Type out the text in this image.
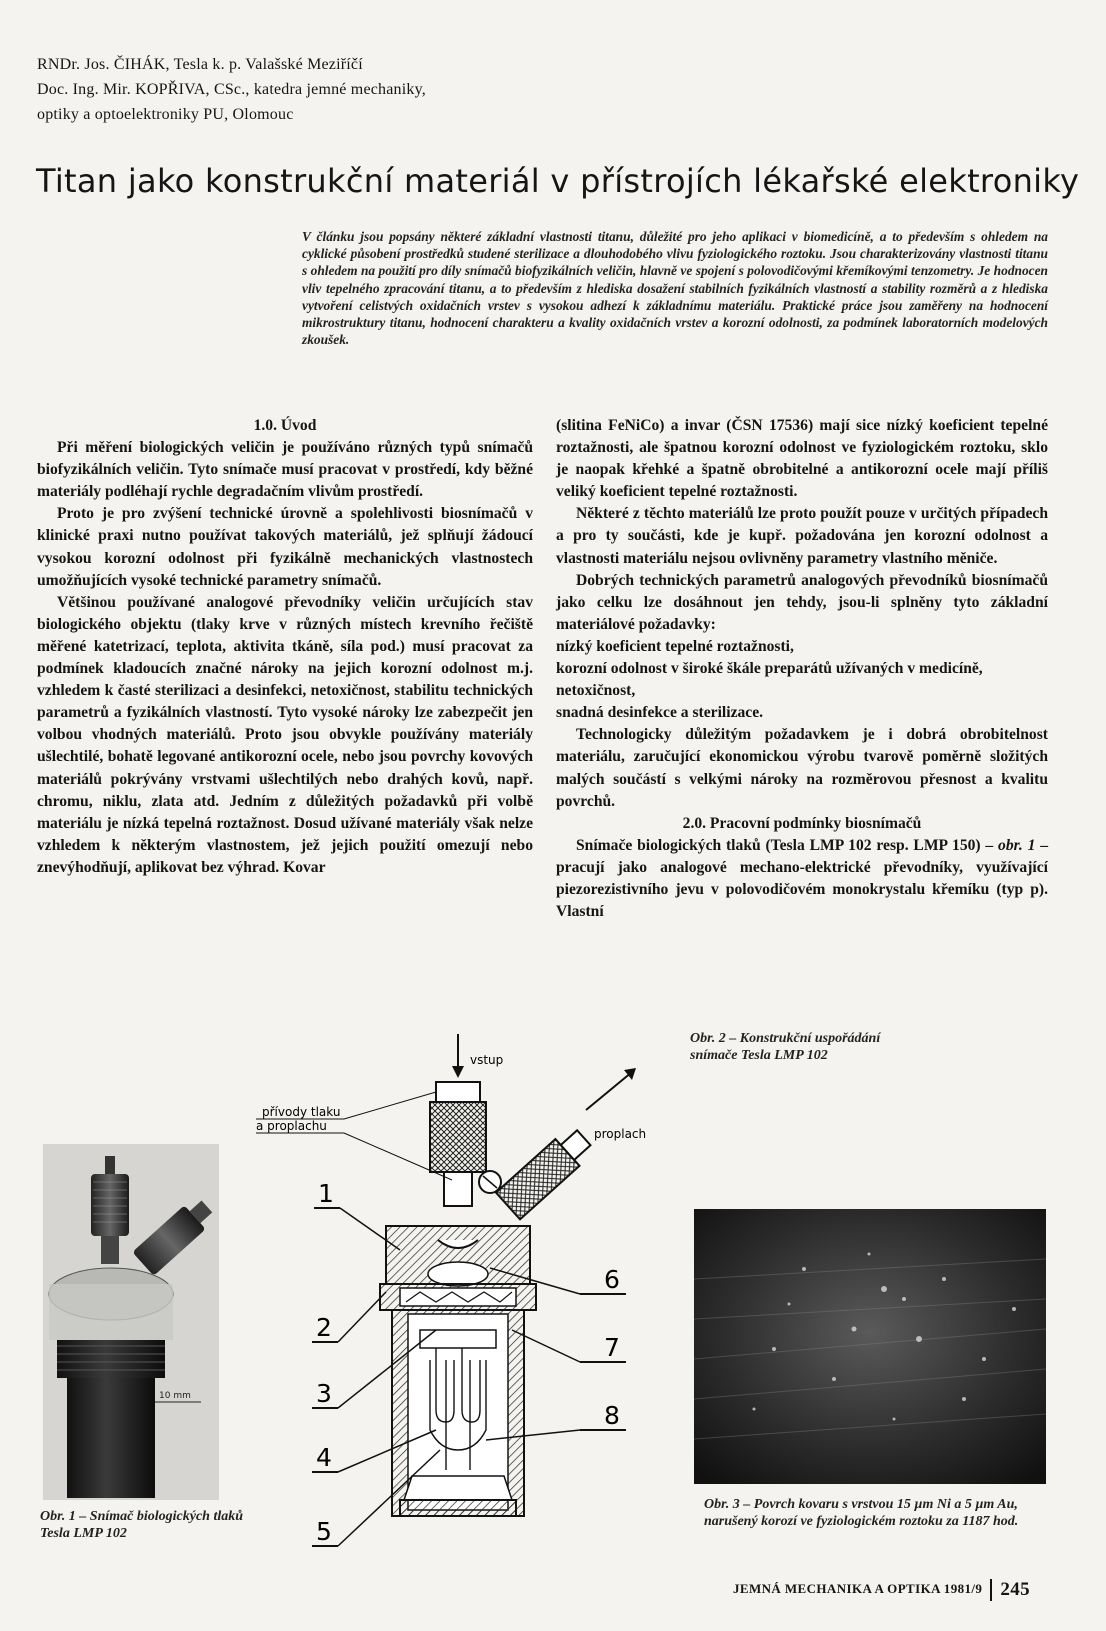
RNDr. Jos. ČIHÁK, Tesla k. p. Valašské Meziříčí
Doc. Ing. Mir. KOPŘIVA, CSc., katedra jemné mechaniky,
optiky a optoelektroniky PU, Olomouc
Titan jako konstrukční materiál v přístrojích lékařské elektroniky
V článku jsou popsány některé základní vlastnosti titanu, důležité pro jeho aplikaci v biomedicíně, a to především s ohledem na cyklické působení prostředků studené sterilizace a dlouhodobého vlivu fyziologického roztoku. Jsou charakterizovány vlastnosti titanu s ohledem na použití pro díly snímačů biofyzikálních veličin, hlavně ve spojení s polovodičovými křemíkovými tenzometry. Je hodnocen vliv tepelného zpracování titanu, a to především z hlediska dosažení stabilních fyzikálních vlastností a stability rozměrů a z hlediska vytvoření celistvých oxidačních vrstev s vysokou adhezí k základnímu materiálu. Praktické práce jsou zaměřeny na hodnocení mikrostruktury titanu, hodnocení charakteru a kvality oxidačních vrstev a korozní odolnosti, za podmínek laboratorních modelových zkoušek.
1.0. Úvod

Při měření biologických veličin je používáno různých typů snímačů biofyzikálních veličin. Tyto snímače musí pracovat v prostředí, kdy běžné materiály podléhají rychle degradačním vlivům prostředí.

Proto je pro zvýšení technické úrovně a spolehlivosti biosnímačů v klinické praxi nutno používat takových materiálů, jež splňují žádoucí vysokou korozní odolnost při fyzikálně mechanických vlastnostech umožňujících vysoké technické parametry snímačů.

Většinou používané analogové převodníky veličin určujících stav biologického objektu (tlaky krve v různých místech krevního řečiště měřené katetrizací, teplota, aktivita tkáně, síla pod.) musí pracovat za podmínek kladoucích značné nároky na jejich korozní odolnost m.j. vzhledem k časté sterilizaci a desinfekci, netoxičnost, stabilitu technických parametrů a fyzikálních vlastností. Tyto vysoké nároky lze zabezpečit jen volbou vhodných materiálů. Proto jsou obvykle používány materiály ušlechtilé, bohatě legované antikorozní ocele, nebo jsou povrchy kovových materiálů pokrývány vrstvami ušlechtilých nebo drahých kovů, např. chromu, niklu, zlata atd. Jedním z důležitých požadavků při volbě materiálu je nízká tepelná roztažnost. Dosud užívané materiály však nelze vzhledem k některým vlastnostem, jež jejich použití omezují nebo znevýhodňují, aplikovat bez výhrad. Kovar

(slitina FeNiCo) a invar (ČSN 17536) mají sice nízký koeficient tepelné roztažnosti, ale špatnou korozní odolnost ve fyziologickém roztoku, sklo je naopak křehké a špatně obrobitelné a antikorozní ocele mají příliš veliký koeficient tepelné roztažnosti.

Některé z těchto materiálů lze proto použít pouze v určitých případech a pro ty součásti, kde je kupř. požadována jen korozní odolnost a vlastnosti materiálu nejsou ovlivněny parametry vlastního měniče.

Dobrých technických parametrů analogových převodníků biosnímačů jako celku lze dosáhnout jen tehdy, jsou-li splněny tyto základní materiálové požadavky:

nízký koeficient tepelné roztažnosti,

korozní odolnost v široké škále preparátů užívaných v medicíně,

netoxičnost,

snadná desinfekce a sterilizace.

Technologicky důležitým požadavkem je i dobrá obrobitelnost materiálu, zaručující ekonomickou výrobu tvarově poměrně složitých malých součástí s velkými nároky na rozměrovou přesnost a kvalitu povrchů.

2.0. Pracovní podmínky biosnímačů

Snímače biologických tlaků (Tesla LMP 102 resp. LMP 150) – obr. 1 – pracují jako analogové mechano-elektrické převodníky, využívající piezorezistivního jevu v polovodičovém monokrystalu křemíku (typ p). Vlastní

Obr. 2 – Konstrukční uspořádání snímače Tesla LMP 102
10 mm
Obr. 1 – Snímač biologických tlaků Tesla LMP 102
vstup
proplach
přívody tlaku
a proplachu
1
2
3
4
5
6
7
8
Obr. 3 – Povrch kovaru s vrstvou 15 µm Ni a 5 µm Au, narušený korozí ve fyziologickém roztoku za 1187 hod.
JEMNÁ MECHANIKA A OPTIKA 1981/9 245
